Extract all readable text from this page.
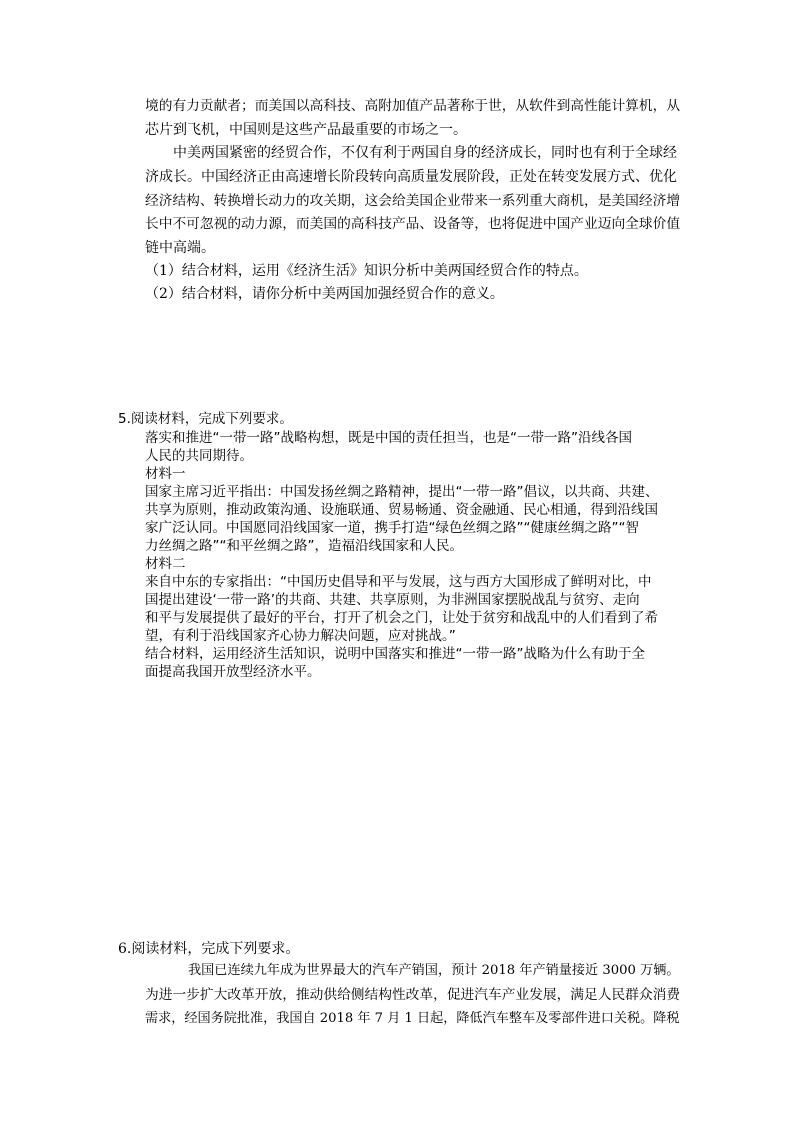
境的有力贡献者；而美国以高科技、高附加值产品著称于世，从软件到高性能计算机，从
芯片到飞机，中国则是这些产品最重要的市场之一。
中美两国紧密的经贸合作，不仅有利于两国自身的经济成长，同时也有利于全球经
济成长。中国经济正由高速增长阶段转向高质量发展阶段，正处在转变发展方式、优化
经济结构、转换增长动力的攻关期，这会给美国企业带来一系列重大商机，是美国经济增
长中不可忽视的动力源，而美国的高科技产品、设备等，也将促进中国产业迈向全球价值
链中高端。
（1）结合材料，运用《经济生活》知识分析中美两国经贸合作的特点。
（2）结合材料，请你分析中美两国加强经贸合作的意义。
5.阅读材料，完成下列要求。
落实和推进“一带一路”战略构想，既是中国的责任担当，也是“一带一路”沿线各国
人民的共同期待。
材料一
国家主席习近平指出：中国发扬丝绸之路精神，提出“一带一路”倡议，以共商、共建、
共享为原则，推动政策沟通、设施联通、贸易畅通、资金融通、民心相通，得到沿线国
家广泛认同。中国愿同沿线国家一道，携手打造“绿色丝绸之路”“健康丝绸之路”“智
力丝绸之路”“和平丝绸之路”，造福沿线国家和人民。
材料二
来自中东的专家指出：“中国历史倡导和平与发展，这与西方大国形成了鲜明对比，中
国提出建设‘一带一路’的共商、共建、共享原则，为非洲国家摆脱战乱与贫穷、走向
和平与发展提供了最好的平台，打开了机会之门，让处于贫穷和战乱中的人们看到了希
望，有利于沿线国家齐心协力解决问题，应对挑战。”
结合材料，运用经济生活知识，说明中国落实和推进“一带一路”战略为什么有助于全
面提高我国开放型经济水平。
6.阅读材料，完成下列要求。
我国已连续九年成为世界最大的汽车产销国，预计 2018 年产销量接近 3000 万辆。
为进一步扩大改革开放，推动供给侧结构性改革，促进汽车产业发展，满足人民群众消费
需求，经国务院批准，我国自 2018 年 7 月 1 日起，降低汽车整车及零部件进口关税。降税
